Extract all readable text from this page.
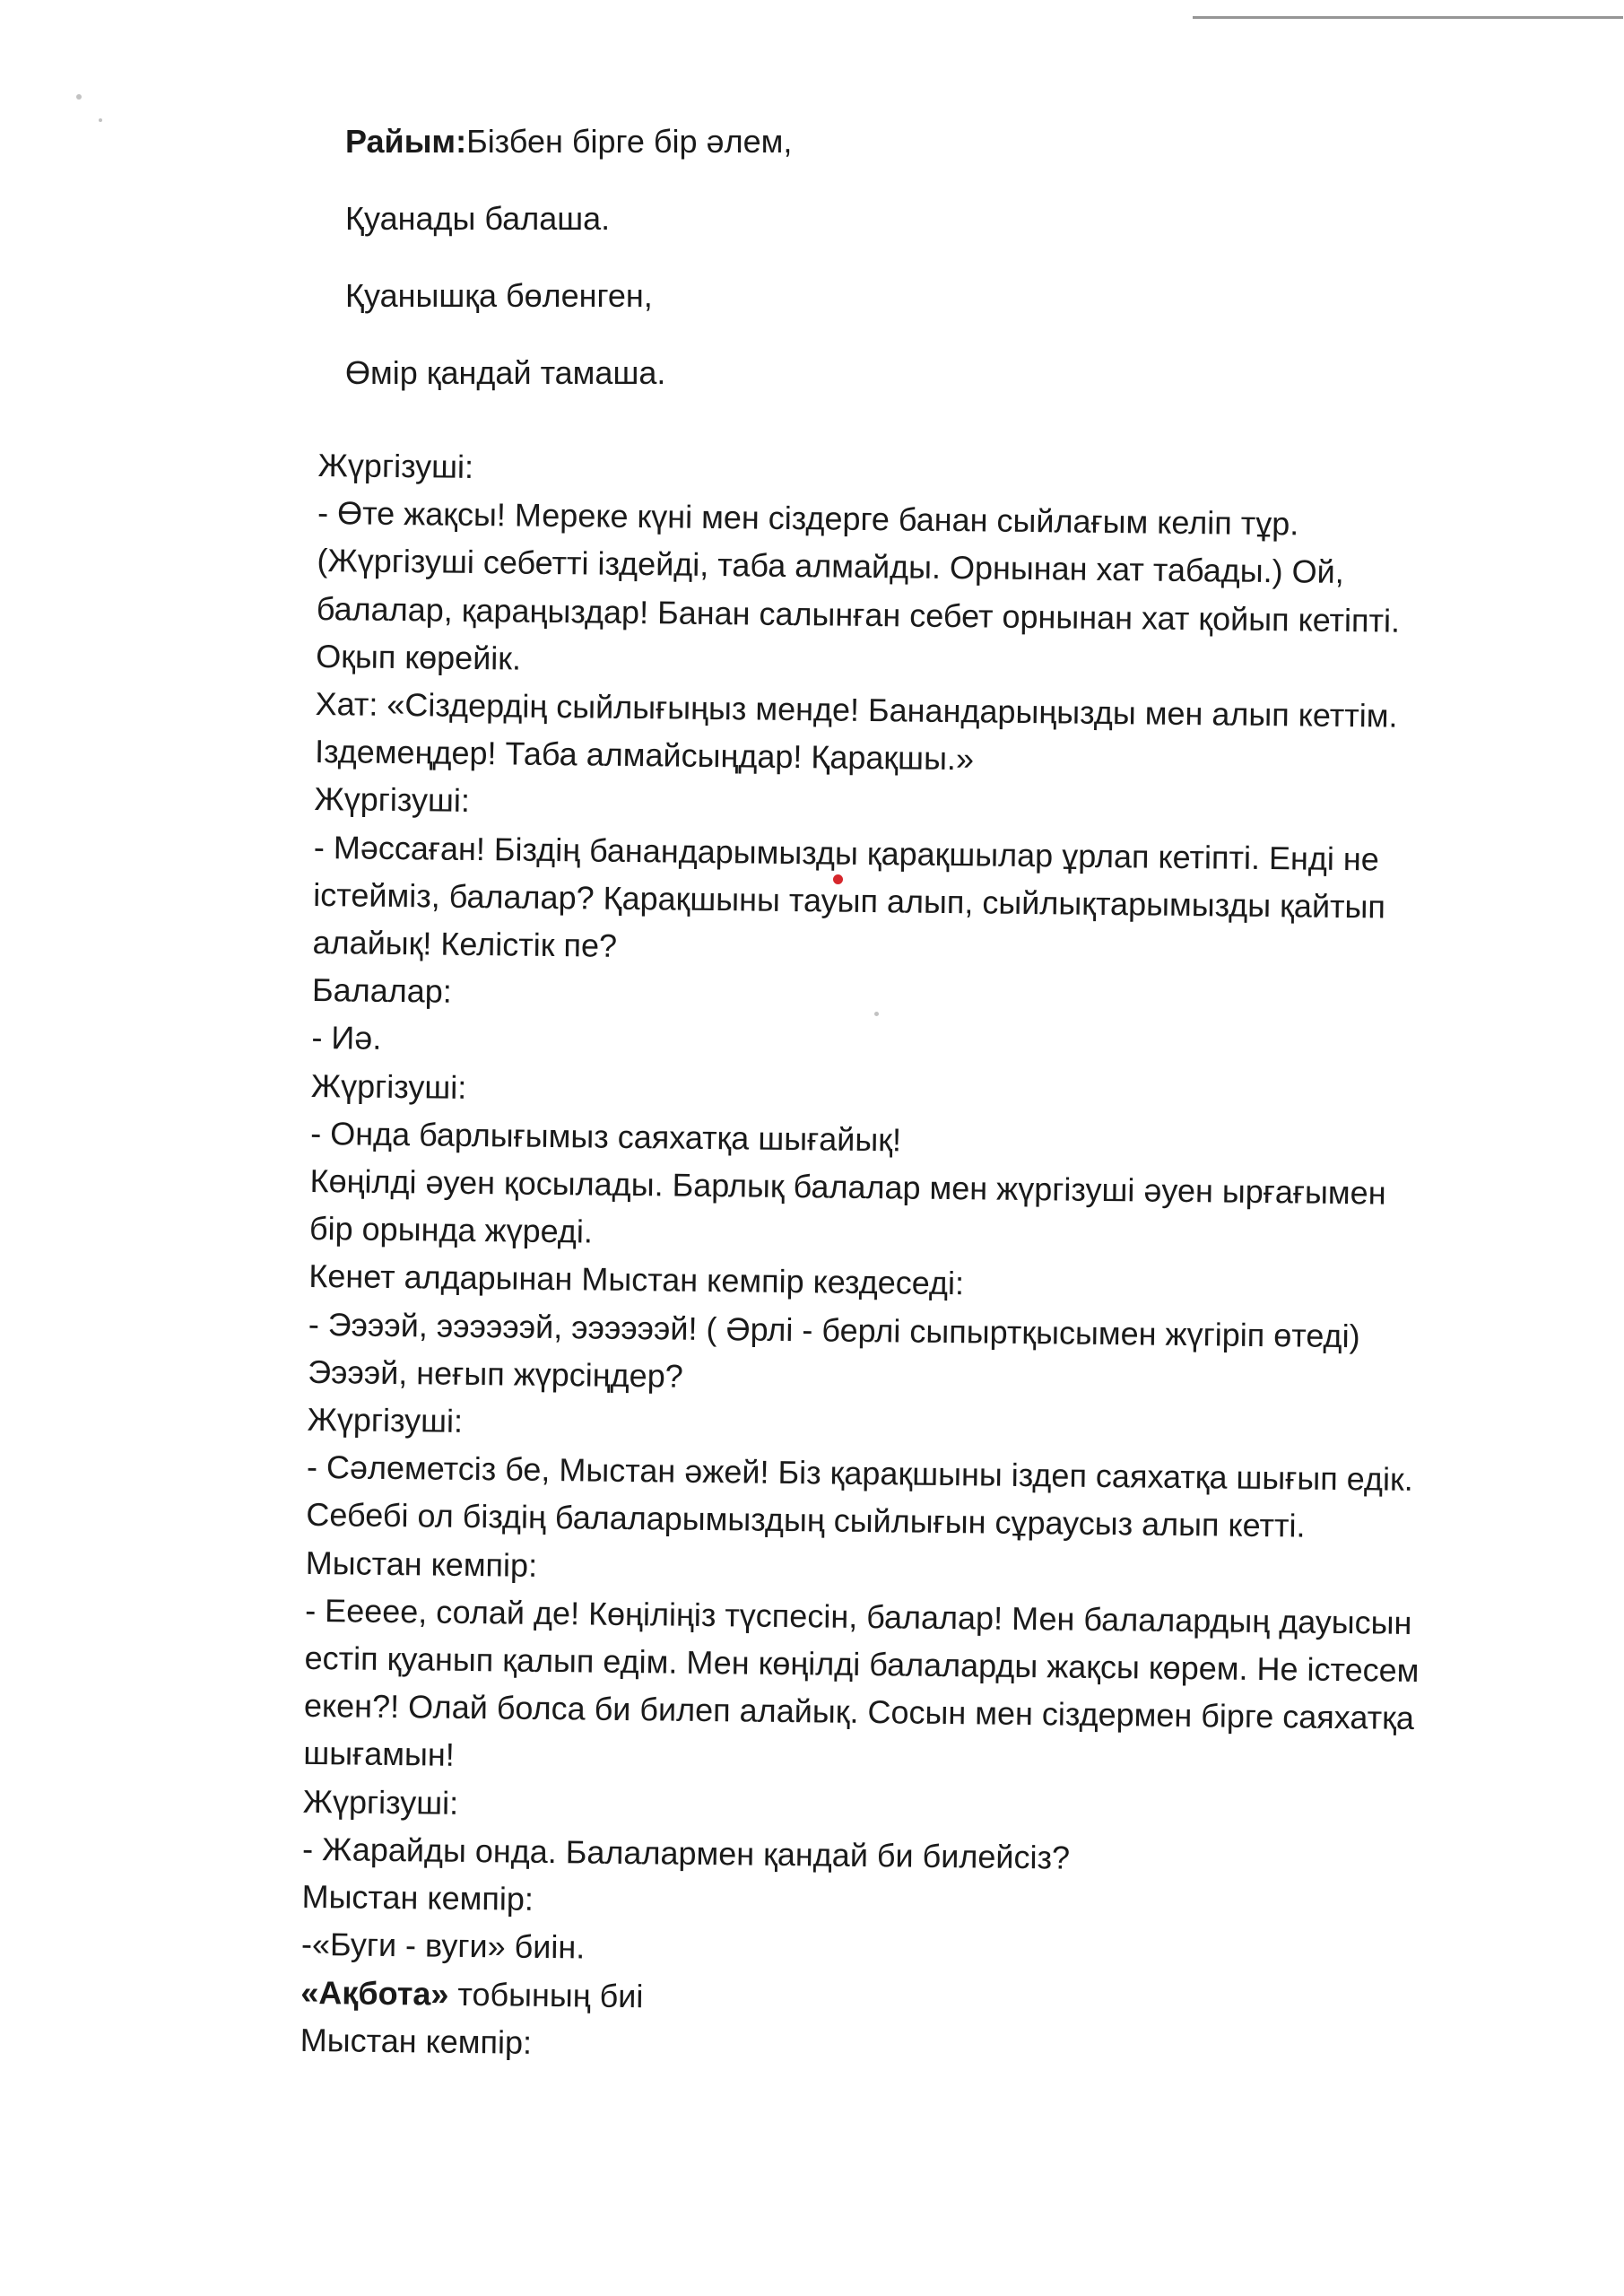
Райым:Бізбен бірге бір әлем,
Қуанады балаша.
Қуанышқа бөленген,
Өмір қандай тамаша.
Жүргізуші:
- Өте жақсы! Мереке күні мен сіздерге банан сыйлағым келіп тұр.
(Жүргізуші себетті іздейді, таба алмайды. Орнынан хат табады.) Ой,
балалар, қараңыздар! Банан салынған себет орнынан хат қойып кетіпті.
Оқып көрейік.
Хат: «Сіздердің сыйлығыңыз менде! Банандарыңызды мен алып кеттім.
Іздемеңдер! Таба алмайсыңдар! Қарақшы.»
Жүргізуші:
- Мәссаған! Біздің банандарымызды қарақшылар ұрлап кетіпті. Енді не
істейміз, балалар? Қарақшыны тауып алып, сыйлықтарымызды қайтып
алайық! Келістік пе?
Балалар:
- Иә.
Жүргізуші:
- Онда барлығымыз саяхатқа шығайық!
Көңілді әуен қосылады. Барлық балалар мен жүргізуші әуен ырғағымен
бір орында жүреді.
Кенет алдарынан Мыстан кемпір кездеседі:
- Ээээй, ээээээй, ээээээй! ( Әрлі - берлі сыпыртқысымен жүгіріп өтеді)
Ээээй, неғып жүрсіңдер?
Жүргізуші:
- Сәлеметсіз бе, Мыстан әжей! Біз қарақшыны іздеп саяхатқа шығып едік.
Себебі ол біздің балаларымыздың сыйлығын сұраусыз алып кетті.
Мыстан кемпір:
- Ееееe, солай де! Көңіліңіз түспесін, балалар! Мен балалардың дауысын
естіп қуанып қалып едім. Мен көңілді балаларды жақсы көрем. Не істесем
екен?! Олай болса би билеп алайық. Сосын мен сіздермен бірге саяхатқа
шығамын!
Жүргізуші:
- Жарайды онда. Балалармен қандай би билейсіз?
Мыстан кемпір:
-«Буги - вуги» биін.
«Ақбота» тобының биі
Мыстан кемпір:
